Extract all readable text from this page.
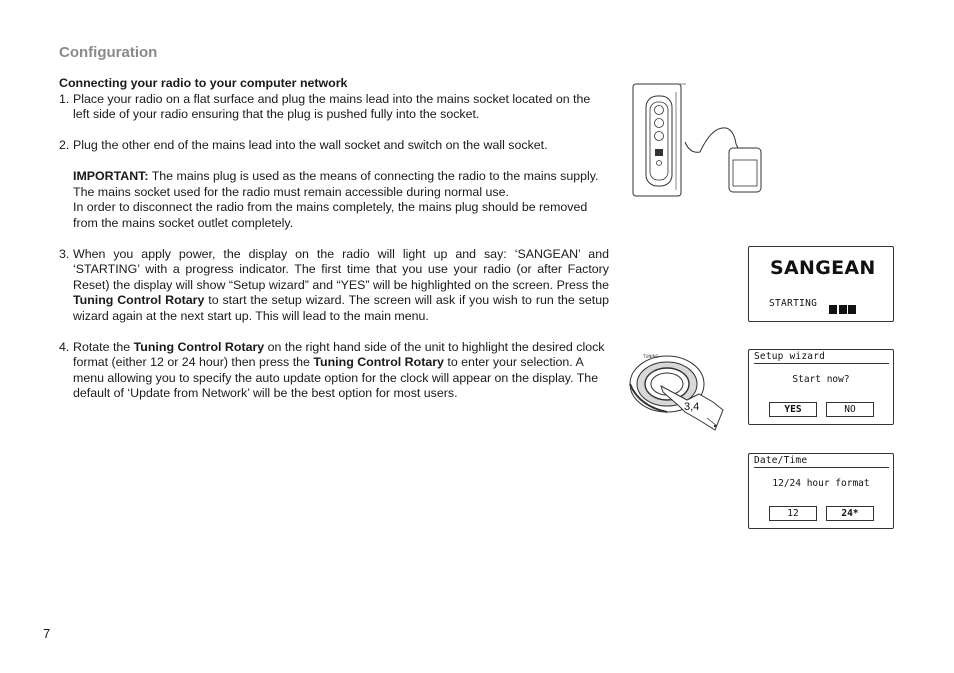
Configuration

Connecting your radio to your computer network

1. Place your radio on a flat surface and plug the mains lead into the mains socket located on the left side of your radio ensuring that the plug is pushed fully into the socket.

2. Plug the other end of the mains lead into the wall socket and switch on the wall socket.

IMPORTANT: The mains plug is used as the means of connecting the radio to the mains supply. The mains socket used for the radio must remain accessible during normal use.

In order to disconnect the radio from the mains completely, the mains plug should be removed from the mains socket outlet completely.

3. When you apply power, the display on the radio will light up and say: ‘SANGEAN’ and ‘STARTING’ with a progress indicator. The first time that you use your radio (or after Factory Reset) the display will show “Setup wizard” and “YES” will be highlighted on the screen. Press the Tuning Control Rotary to start the setup wizard. The screen will ask if you wish to run the setup wizard again at the next start up. This will lead to the main menu.

4. Rotate the Tuning Control Rotary on the right hand side of the unit to highlight the desired clock format (either 12 or 24 hour) then press the Tuning Control Rotary to enter your selection. A menu allowing you to specify the auto update option for the clock will appear on the display. The default of ‘Update from Network’ will be the best option for most users.

SANGEAN
STARTING
TUNING
3,4
Setup wizard
Start now?
YES	NO
Date/Time
12/24 hour format
12	24*
7
